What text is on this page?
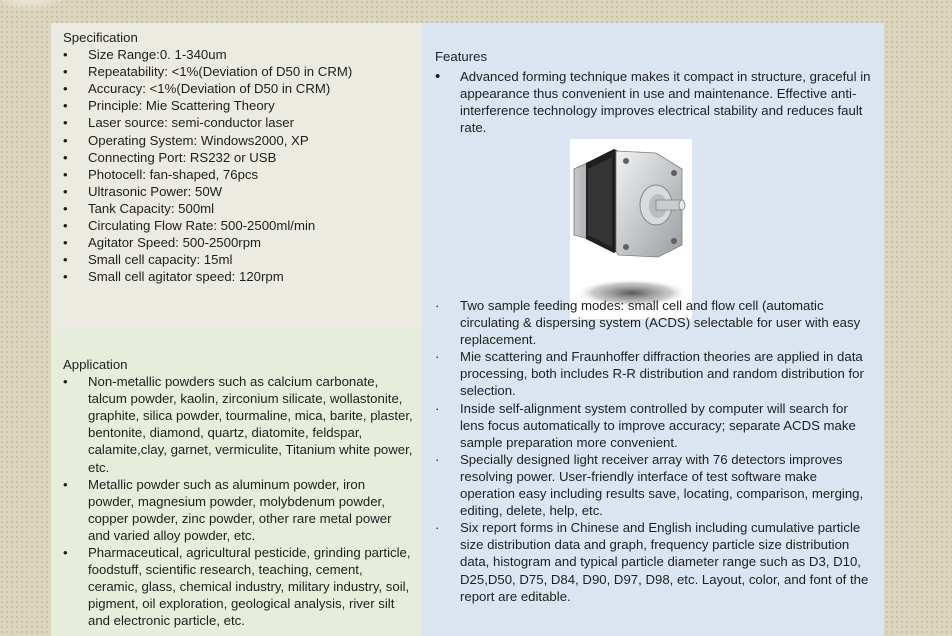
Specification
•	Size Range:0. 1-340um
•	Repeatability: <1%(Deviation of D50 in CRM)
•	Accuracy: <1%(Deviation of D50 in CRM)
•	Principle: Mie Scattering Theory
•	Laser source: semi-conductor laser
•	Operating System: Windows2000, XP
•	Connecting Port: RS232 or USB
•	Photocell: fan-shaped, 76pcs
•	Ultrasonic Power: 50W
•	Tank Capacity: 500ml
•	Circulating Flow Rate: 500-2500ml/min
•	Agitator Speed: 500-2500rpm
•	Small cell capacity: 15ml
•	Small cell agitator speed: 120rpm
Application
•	Non-metallic powders such as calcium carbonate, talcum powder, kaolin, zirconium silicate, wollastonite, graphite, silica powder, tourmaline, mica, barite, plaster, bentonite, diamond, quartz, diatomite, feldspar, calamite,clay, garnet, vermiculite, Titanium white power, etc.
•	Metallic powder such as aluminum powder, iron powder, magnesium powder, molybdenum powder, copper powder, zinc powder, other rare metal power and varied alloy powder, etc.
•	Pharmaceutical, agricultural pesticide, grinding particle, foodstuff, scientific research, teaching, cement, ceramic, glass, chemical industry, military industry, soil, pigment, oil exploration, geological analysis, river silt and electronic particle, etc.
Features
•	Advanced forming technique makes it compact in structure, graceful in appearance thus convenient in use and maintenance. Effective anti-interference technology improves electrical stability and reduces fault rate.
·	Two sample feeding modes: small cell and flow cell (automatic circulating & dispersing system (ACDS) selectable for user with easy replacement.
·	Mie scattering and Fraunhoffer diffraction theories are applied in data processing, both includes R-R distribution and random distribution for selection.
·	Inside self-alignment system controlled by computer will search for lens focus automatically to improve accuracy; separate ACDS make sample preparation more convenient.
·	Specially designed light receiver array with 76 detectors improves resolving power. User-friendly interface of test software make operation easy including results save, locating, comparison, merging, editing, delete, help, etc.
·	Six report forms in Chinese and English including cumulative particle size distribution data and graph, frequency particle size distribution data, histogram and typical particle diameter range such as D3, D10, D25,D50, D75, D84, D90, D97, D98, etc. Layout, color, and font of the report are editable.
